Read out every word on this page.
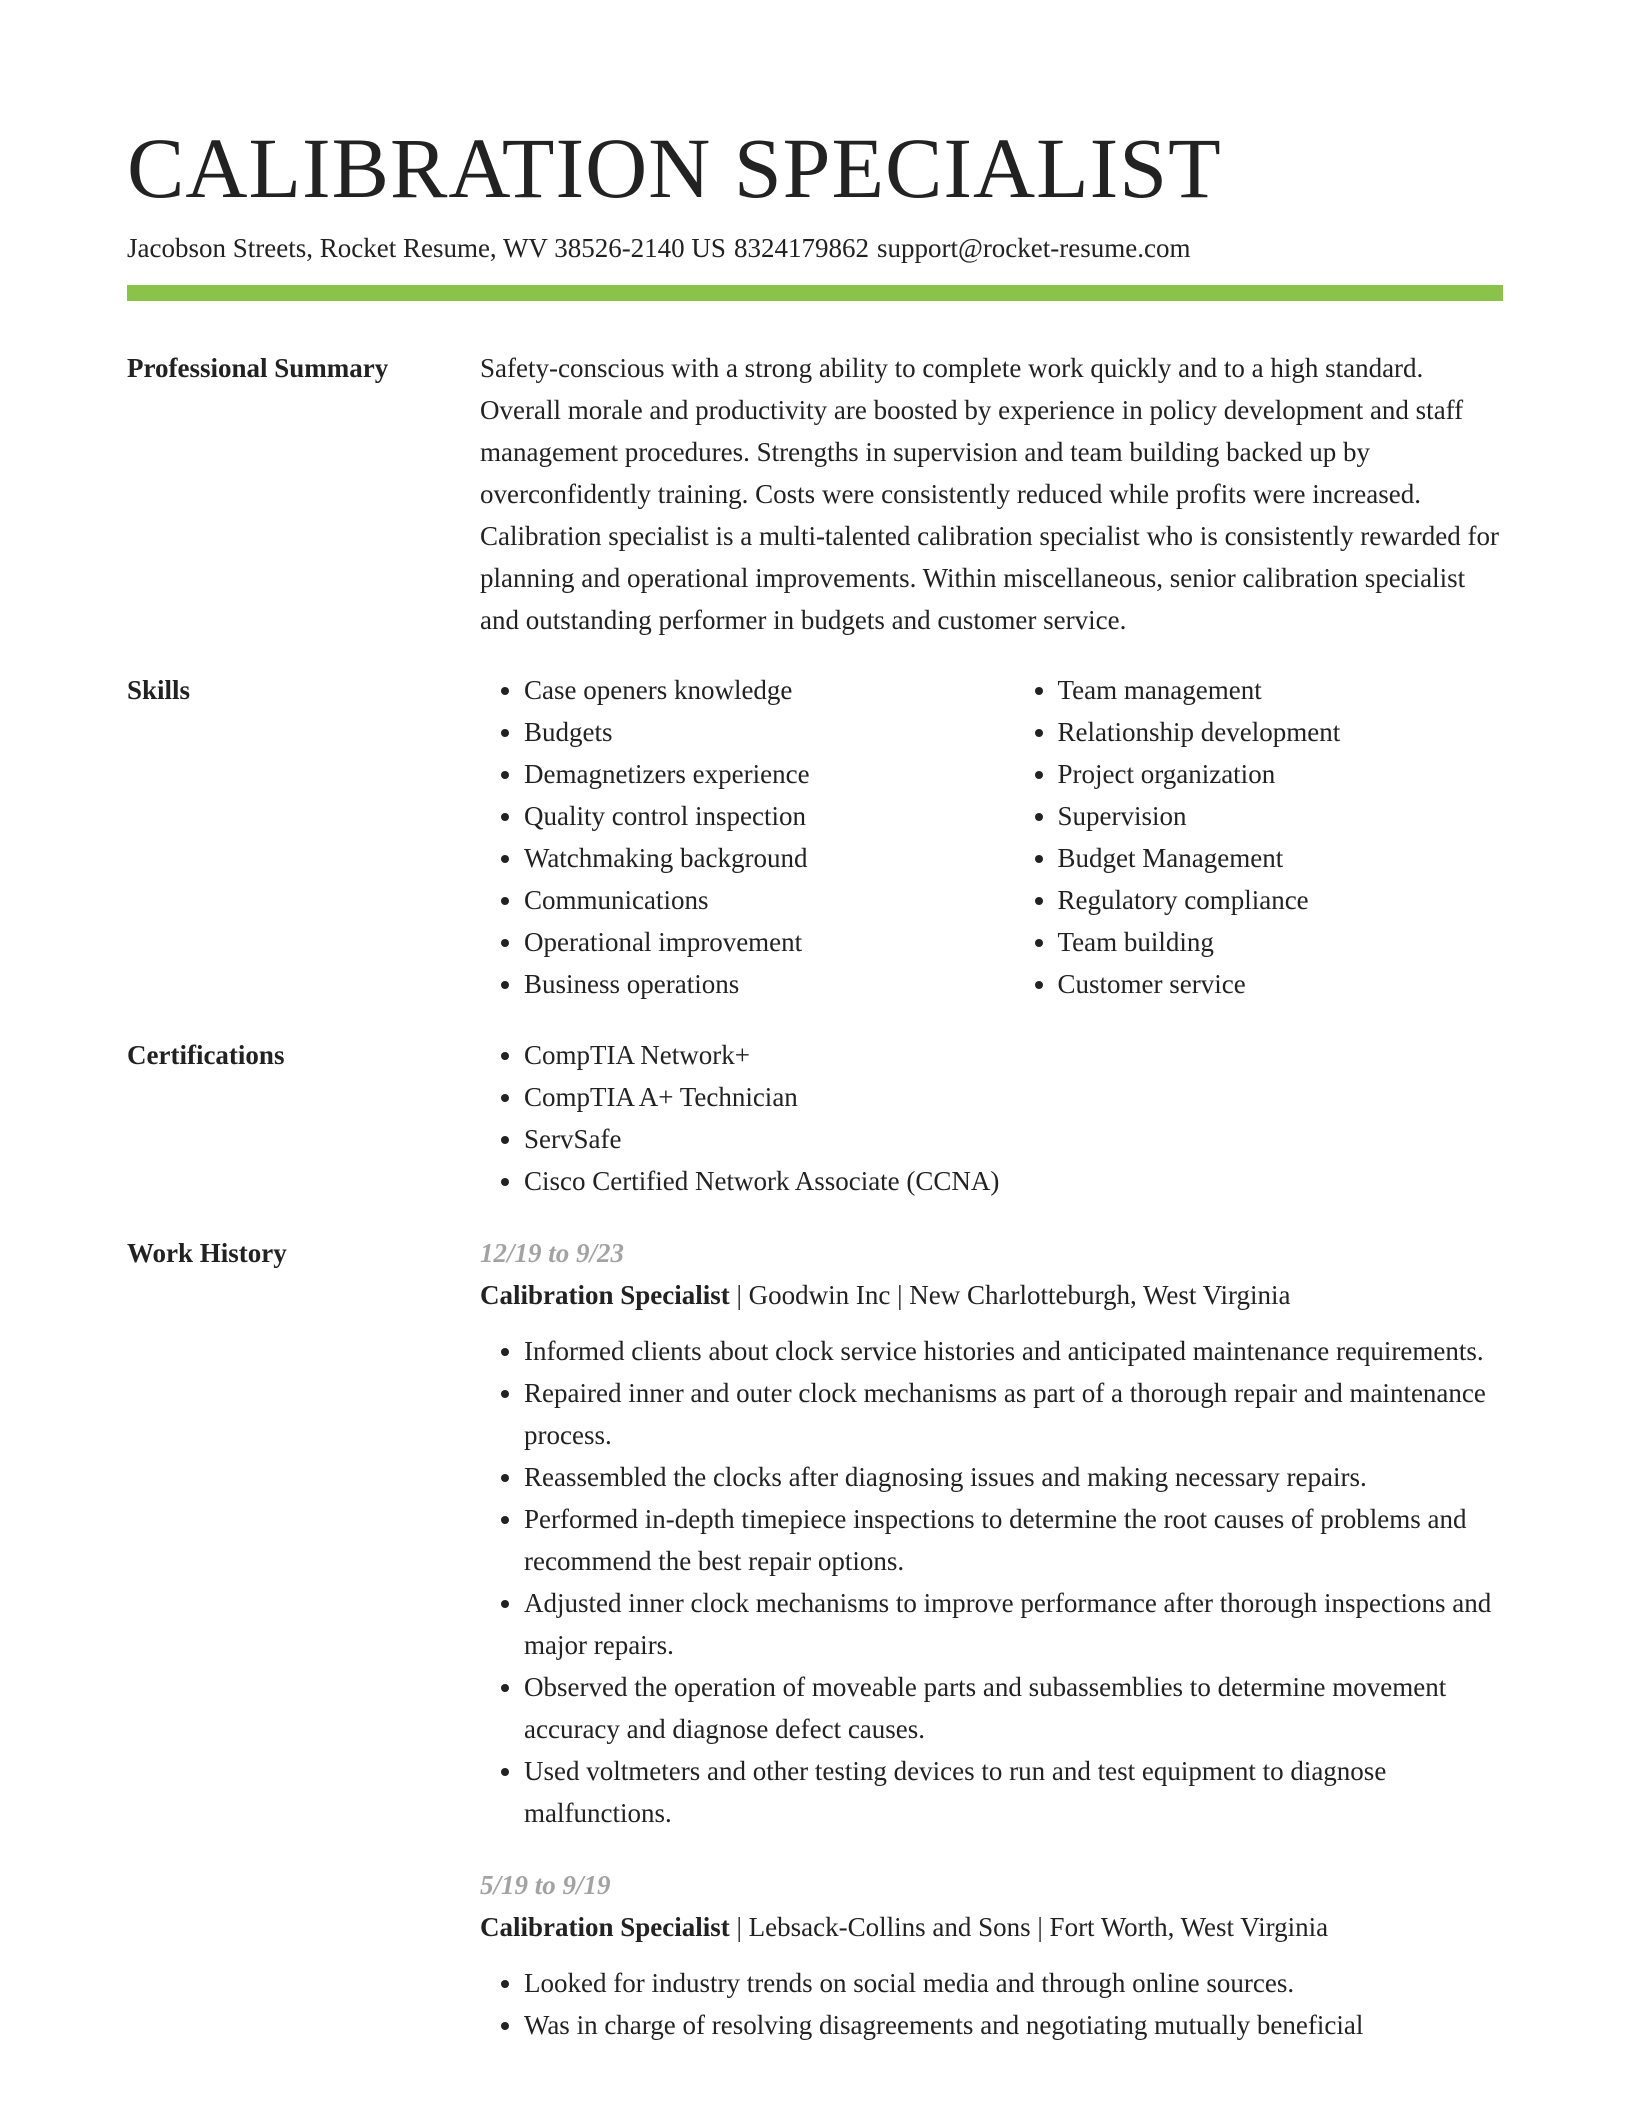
CALIBRATION SPECIALIST
Jacobson Streets, Rocket Resume, WV 38526-2140 US 8324179862 support@rocket-resume.com
Professional Summary	Safety-conscious with a strong ability to complete work quickly and to a high standard. Overall morale and productivity are boosted by experience in policy development and staff management procedures. Strengths in supervision and team building backed up by overconfidently training. Costs were consistently reduced while profits were increased. Calibration specialist is a multi-talented calibration specialist who is consistently rewarded for planning and operational improvements. Within miscellaneous, senior calibration specialist and outstanding performer in budgets and customer service.

Skills	• Case openers knowledge
• Budgets
• Demagnetizers experience
• Quality control inspection
• Watchmaking background
• Communications
• Operational improvement
• Business operations
• Team management
• Relationship development
• Project organization
• Supervision
• Budget Management
• Regulatory compliance
• Team building
• Customer service
Certifications	• CompTIA Network+
• CompTIA A+ Technician
• ServSafe
• Cisco Certified Network Associate (CCNA)
Work History	12/19 to 9/23
Calibration Specialist | Goodwin Inc | New Charlotteburgh, West Virginia
• Informed clients about clock service histories and anticipated maintenance requirements.
• Repaired inner and outer clock mechanisms as part of a thorough repair and maintenance process.
• Reassembled the clocks after diagnosing issues and making necessary repairs.
• Performed in-depth timepiece inspections to determine the root causes of problems and recommend the best repair options.
• Adjusted inner clock mechanisms to improve performance after thorough inspections and major repairs.
• Observed the operation of moveable parts and subassemblies to determine movement accuracy and diagnose defect causes.
• Used voltmeters and other testing devices to run and test equipment to diagnose malfunctions.
5/19 to 9/19
Calibration Specialist | Lebsack-Collins and Sons | Fort Worth, West Virginia
• Looked for industry trends on social media and through online sources.
• Was in charge of resolving disagreements and negotiating mutually beneficial
